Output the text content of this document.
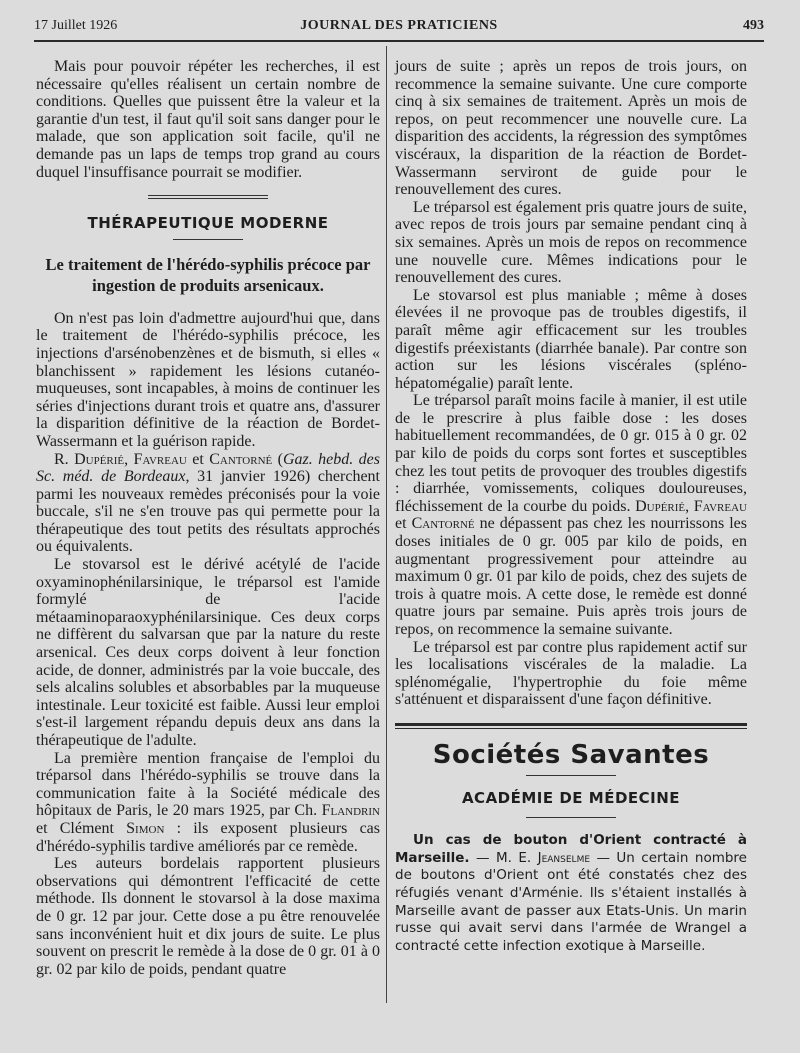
17 Juillet 1926	JOURNAL DES PRATICIENS	493

Mais pour pouvoir répéter les recherches, il est nécessaire qu'elles réalisent un certain nombre de conditions. Quelles que puissent être la valeur et la garantie d'un test, il faut qu'il soit sans danger pour le malade, que son application soit facile, qu'il ne demande pas un laps de temps trop grand au cours duquel l'insuffisance pourrait se modifier.

THÉRAPEUTIQUE MODERNE
Le traitement de l'hérédo-syphilis précoce par ingestion de produits arsenicaux.

On n'est pas loin d'admettre aujourd'hui que, dans le traitement de l'hérédo-syphilis précoce, les injections d'arsénobenzènes et de bismuth, si elles « blanchissent » rapidement les lésions cutanéo-muqueuses, sont incapables, à moins de continuer les séries d'injections durant trois et quatre ans, d'assurer la disparition définitive de la réaction de Bordet-Wassermann et la guérison rapide.

R. Dupérié, Favreau et Cantorné (Gaz. hebd. des Sc. méd. de Bordeaux, 31 janvier 1926) cherchent parmi les nouveaux remèdes préconisés pour la voie buccale, s'il ne s'en trouve pas qui permette pour la thérapeutique des tout petits des résultats approchés ou équivalents.

Le stovarsol est le dérivé acétylé de l'acide oxyaminophénilarsinique, le tréparsol est l'amide formylé de l'acide métaaminoparaoxyphénilarsinique. Ces deux corps ne diffèrent du salvarsan que par la nature du reste arsenical. Ces deux corps doivent à leur fonction acide, de donner, administrés par la voie buccale, des sels alcalins solubles et absorbables par la muqueuse intestinale. Leur toxicité est faible. Aussi leur emploi s'est-il largement répandu depuis deux ans dans la thérapeutique de l'adulte.

La première mention française de l'emploi du tréparsol dans l'hérédo-syphilis se trouve dans la communication faite à la Société médicale des hôpitaux de Paris, le 20 mars 1925, par Ch. Flandrin et Clément Simon : ils exposent plusieurs cas d'hérédo-syphilis tardive améliorés par ce remède.

Les auteurs bordelais rapportent plusieurs observations qui démontrent l'efficacité de cette méthode. Ils donnent le stovarsol à la dose maxima de 0 gr. 12 par jour. Cette dose a pu être renouvelée sans inconvénient huit et dix jours de suite. Le plus souvent on prescrit le remède à la dose de 0 gr. 01 à 0 gr. 02 par kilo de poids, pendant quatre

jours de suite ; après un repos de trois jours, on recommence la semaine suivante. Une cure comporte cinq à six semaines de traitement. Après un mois de repos, on peut recommencer une nouvelle cure. La disparition des accidents, la régression des symptômes viscéraux, la disparition de la réaction de Bordet-Wassermann serviront de guide pour le renouvellement des cures.

Le tréparsol est également pris quatre jours de suite, avec repos de trois jours par semaine pendant cinq à six semaines. Après un mois de repos on recommence une nouvelle cure. Mêmes indications pour le renouvellement des cures.

Le stovarsol est plus maniable ; même à doses élevées il ne provoque pas de troubles digestifs, il paraît même agir efficacement sur les troubles digestifs préexistants (diarrhée banale). Par contre son action sur les lésions viscérales (spléno-hépatomégalie) paraît lente.

Le tréparsol paraît moins facile à manier, il est utile de le prescrire à plus faible dose : les doses habituellement recommandées, de 0 gr. 015 à 0 gr. 02 par kilo de poids du corps sont fortes et susceptibles chez les tout petits de provoquer des troubles digestifs : diarrhée, vomissements, coliques douloureuses, fléchissement de la courbe du poids. Dupérié, Favreau et Cantorné ne dépassent pas chez les nourrissons les doses initiales de 0 gr. 005 par kilo de poids, en augmentant progressivement pour atteindre au maximum 0 gr. 01 par kilo de poids, chez des sujets de trois à quatre mois. A cette dose, le remède est donné quatre jours par semaine. Puis après trois jours de repos, on recommence la semaine suivante.

Le tréparsol est par contre plus rapidement actif sur les localisations viscérales de la maladie. La splénomégalie, l'hypertrophie du foie même s'atténuent et disparaissent d'une façon définitive.

Sociétés Savantes
ACADÉMIE DE MÉDECINE

Un cas de bouton d'Orient contracté à Marseille. — M. E. Jeanselme — Un certain nombre de boutons d'Orient ont été constatés chez des réfugiés venant d'Arménie. Ils s'étaient installés à Marseille avant de passer aux Etats-Unis. Un marin russe qui avait servi dans l'armée de Wrangel a contracté cette infection exotique à Marseille.
